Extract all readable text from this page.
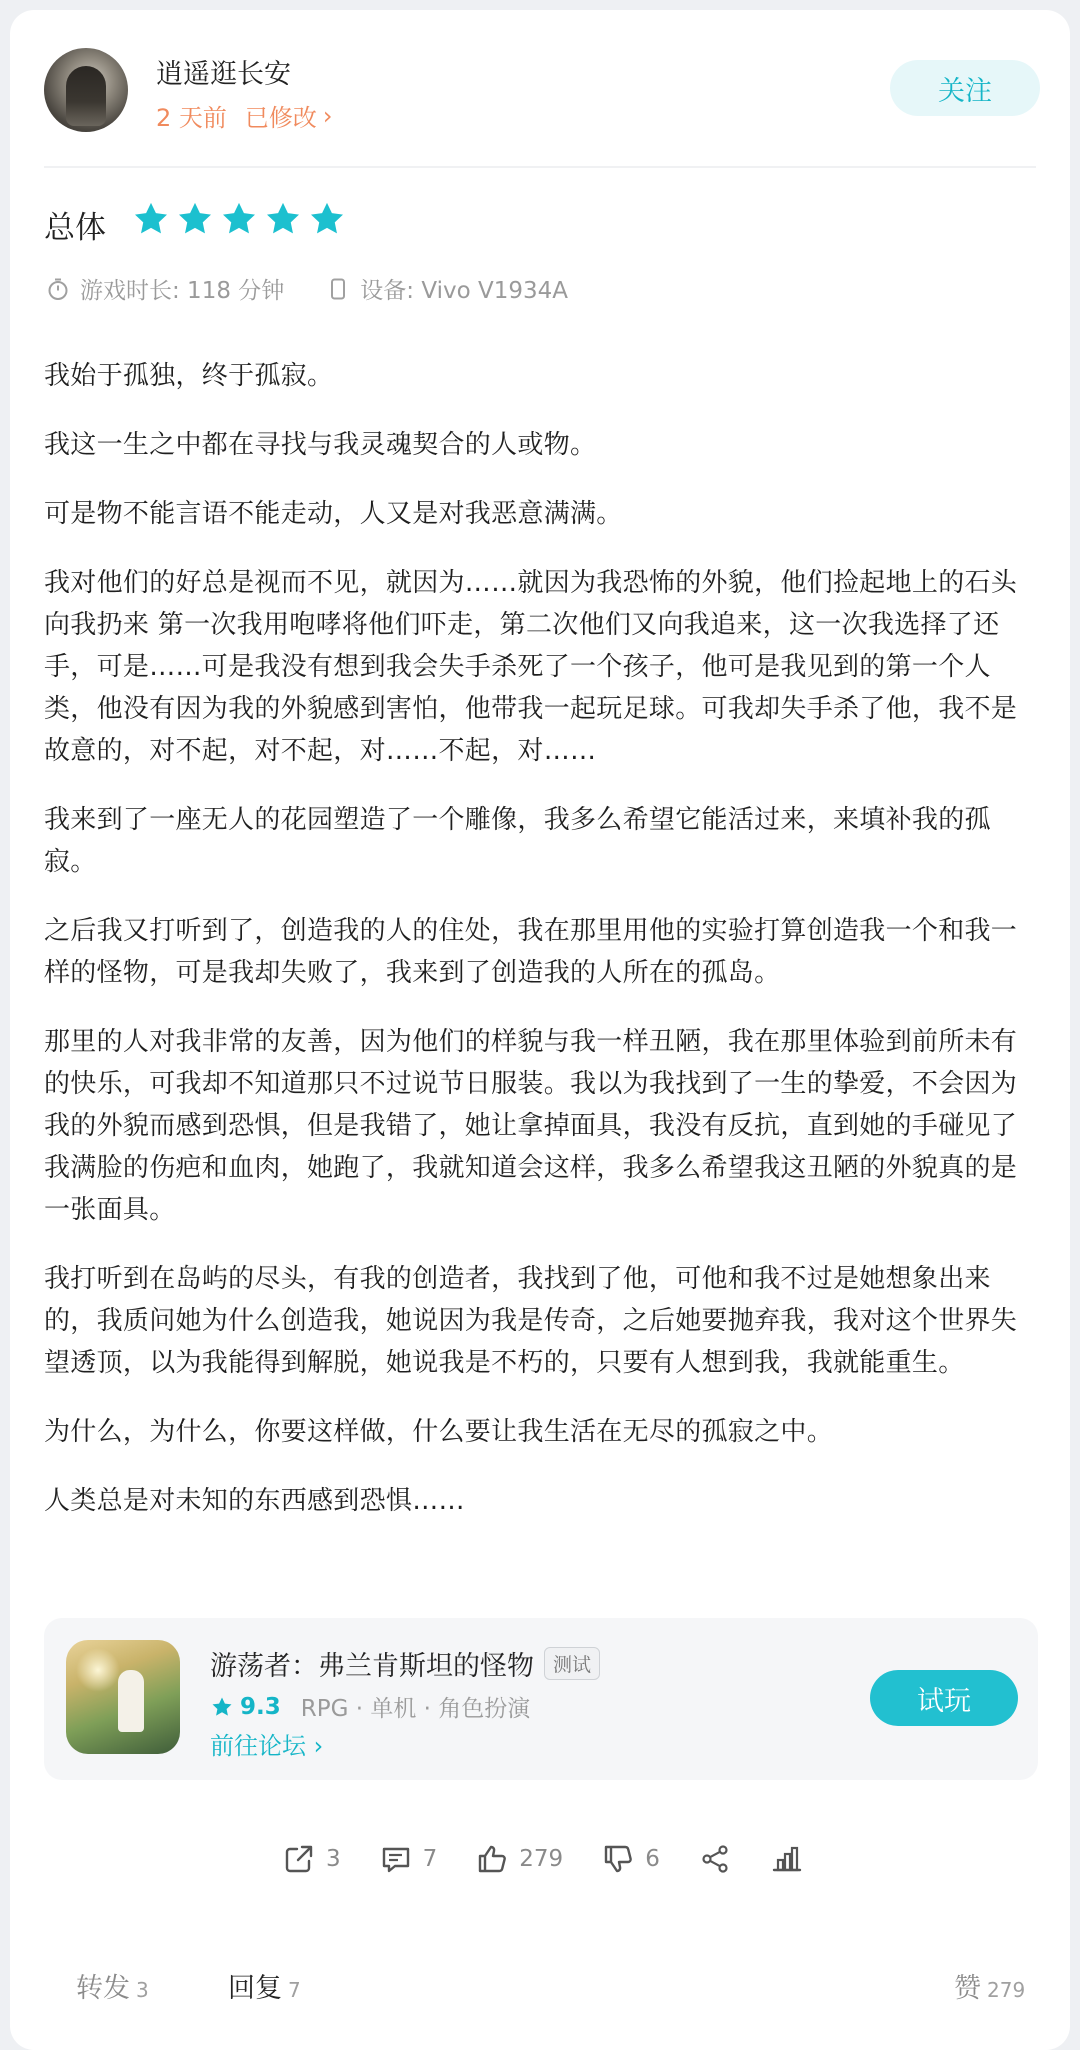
逍遥逛长安
2 天前 已修改 ›
关注
总体
游戏时长: 118 分钟	设备: Vivo V1934A

我始于孤独，终于孤寂。

我这一生之中都在寻找与我灵魂契合的人或物。

可是物不能言语不能走动，人又是对我恶意满满。

我对他们的好总是视而不见，就因为……就因为我恐怖的外貌，他们捡起地上的石头向我扔来 第一次我用咆哮将他们吓走，第二次他们又向我追来，这一次我选择了还手，可是……可是我没有想到我会失手杀死了一个孩子，他可是我见到的第一个人类，他没有因为我的外貌感到害怕，他带我一起玩足球。可我却失手杀了他，我不是故意的，对不起，对不起，对……不起，对……

我来到了一座无人的花园塑造了一个雕像，我多么希望它能活过来，来填补我的孤寂。

之后我又打听到了，创造我的人的住处，我在那里用他的实验打算创造我一个和我一样的怪物，可是我却失败了，我来到了创造我的人所在的孤岛。

那里的人对我非常的友善，因为他们的样貌与我一样丑陋，我在那里体验到前所未有的快乐，可我却不知道那只不过说节日服装。我以为我找到了一生的挚爱，不会因为我的外貌而感到恐惧，但是我错了，她让拿掉面具，我没有反抗，直到她的手碰见了我满脸的伤疤和血肉，她跑了，我就知道会这样，我多么希望我这丑陋的外貌真的是一张面具。

我打听到在岛屿的尽头，有我的创造者，我找到了他，可他和我不过是她想象出来的，我质问她为什么创造我，她说因为我是传奇，之后她要抛弃我，我对这个世界失望透顶，以为我能得到解脱，她说我是不朽的，只要有人想到我，我就能重生。

为什么，为什么，你要这样做，什么要让我生活在无尽的孤寂之中。

人类总是对未知的东西感到恐惧……

游荡者：弗兰肯斯坦的怪物	测试
9.3 RPG · 单机 · 角色扮演
前往论坛 ›
试玩
3	7	279	6
转发 3	回复 7	赞 279
